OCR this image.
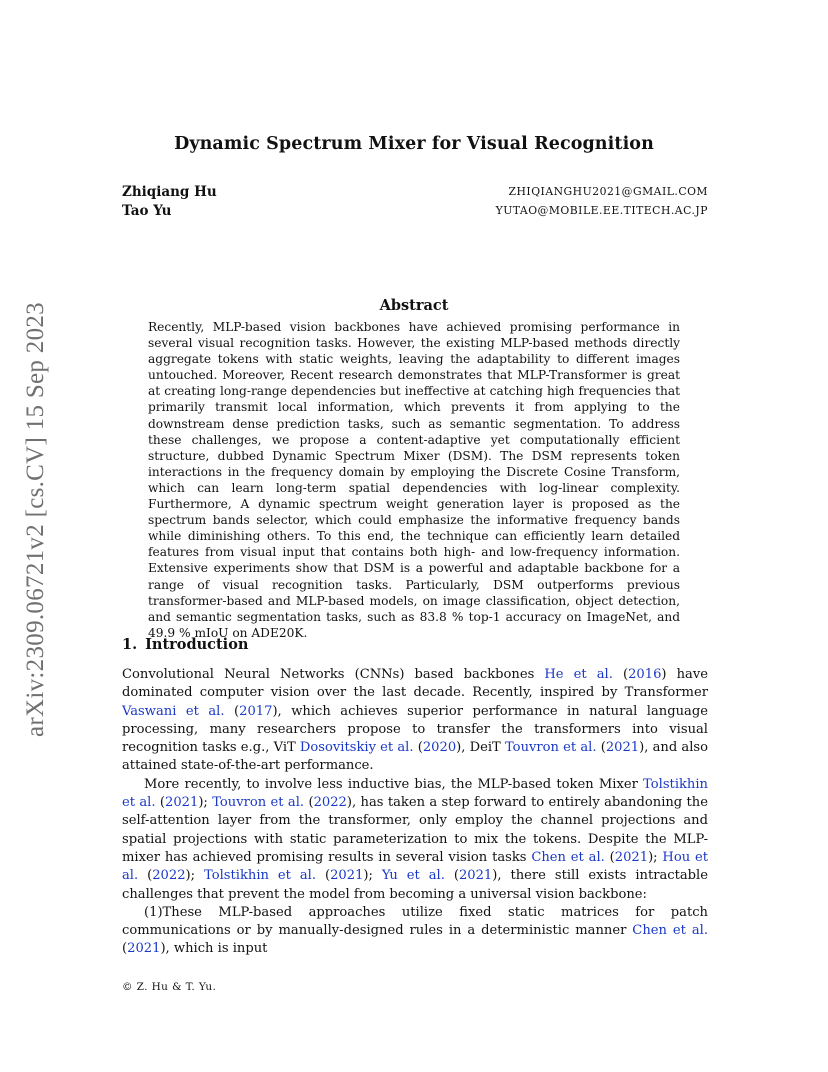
arXiv:2309.06721v2 [cs.CV] 15 Sep 2023
Dynamic Spectrum Mixer for Visual Recognition
Zhiqiang Hu	ZHIQIANGHU2021@GMAIL.COM
Tao Yu	YUTAO@MOBILE.EE.TITECH.AC.JP
Abstract

Recently, MLP-based vision backbones have achieved promising performance in several visual recognition tasks. However, the existing MLP-based methods directly aggregate tokens with static weights, leaving the adaptability to different images untouched. Moreover, Recent research demonstrates that MLP-Transformer is great at creating long-range dependencies but ineffective at catching high frequencies that primarily transmit local information, which prevents it from applying to the downstream dense prediction tasks, such as semantic segmentation. To address these challenges, we propose a content-adaptive yet computationally efficient structure, dubbed Dynamic Spectrum Mixer (DSM). The DSM represents token interactions in the frequency domain by employing the Discrete Cosine Transform, which can learn long-term spatial dependencies with log-linear complexity. Furthermore, A dynamic spectrum weight generation layer is proposed as the spectrum bands selector, which could emphasize the informative frequency bands while diminishing others. To this end, the technique can efficiently learn detailed features from visual input that contains both high- and low-frequency information. Extensive experiments show that DSM is a powerful and adaptable backbone for a range of visual recognition tasks. Particularly, DSM outperforms previous transformer-based and MLP-based models, on image classification, object detection, and semantic segmentation tasks, such as 83.8 % top-1 accuracy on ImageNet, and 49.9 % mIoU on ADE20K.

1. Introduction

Convolutional Neural Networks (CNNs) based backbones He et al. (2016) have dominated computer vision over the last decade. Recently, inspired by Transformer Vaswani et al. (2017), which achieves superior performance in natural language processing, many researchers propose to transfer the transformers into visual recognition tasks e.g., ViT Dosovitskiy et al. (2020), DeiT Touvron et al. (2021), and also attained state-of-the-art performance.

More recently, to involve less inductive bias, the MLP-based token Mixer Tolstikhin et al. (2021); Touvron et al. (2022), has taken a step forward to entirely abandoning the self-attention layer from the transformer, only employ the channel projections and spatial projections with static parameterization to mix the tokens. Despite the MLP-mixer has achieved promising results in several vision tasks Chen et al. (2021); Hou et al. (2022); Tolstikhin et al. (2021); Yu et al. (2021), there still exists intractable challenges that prevent the model from becoming a universal vision backbone:

(1)These MLP-based approaches utilize fixed static matrices for patch communications or by manually-designed rules in a deterministic manner Chen et al. (2021), which is input

© Z. Hu & T. Yu.
